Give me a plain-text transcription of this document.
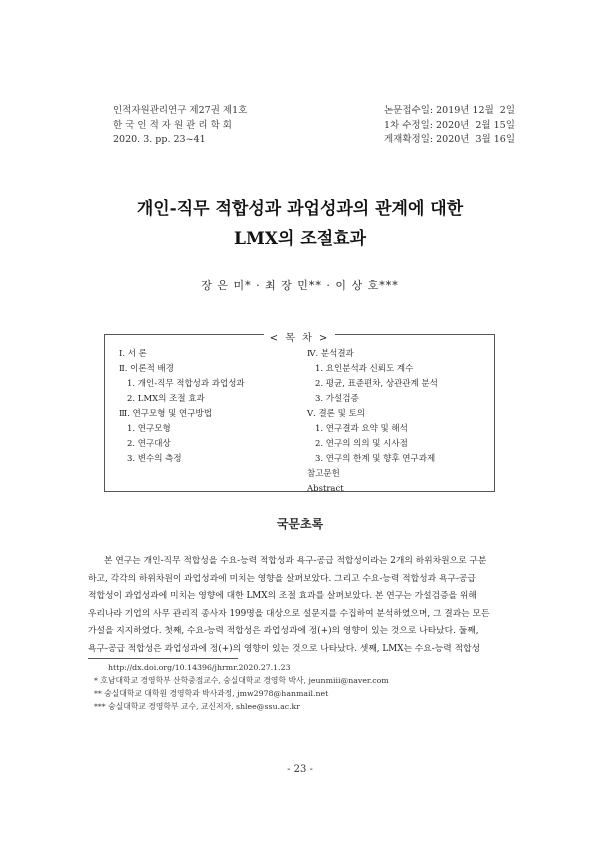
인적자원관리연구 제27권 제1호
한 국 인 적 자 원 관 리 학 회
2020. 3. pp. 23~41
논문접수일: 2019년 12월  2일
1차 수정일: 2020년  2월 15일
게재확정일: 2020년  3월 16일
개인-직무 적합성과 과업성과의 관계에 대한
LMX의 조절효과
장 은 미* · 최 장 민** · 이 상 호***
< 목 차 >
Ⅰ. 서 론
Ⅱ. 이론적 배경
1. 개인-직무 적합성과 과업성과
2. LMX의 조절 효과
Ⅲ. 연구모형 및 연구방법
1. 연구모형
2. 연구대상
3. 변수의 측정
Ⅳ. 분석결과
1. 요인분석과 신뢰도 계수
2. 평균, 표준편차, 상관관계 분석
3. 가설검증
Ⅴ. 결론 및 토의
1. 연구결과 요약 및 해석
2. 연구의 의의 및 시사점
3. 연구의 한계 및 향후 연구과제
참고문헌
Abstract
국문초록
본 연구는 개인-직무 적합성을 수요-능력 적합성과 욕구-공급 적합성이라는 2개의 하위차원으로 구분
하고, 각각의 하위차원이 과업성과에 미치는 영향을 살펴보았다. 그리고 수요-능력 적합성과 욕구-공급
적합성이 과업성과에 미치는 영향에 대한 LMX의 조절 효과를 살펴보았다. 본 연구는 가설검증을 위해
우리나라 기업의 사무 관리직 종사자 199명을 대상으로 설문지를 수집하여 분석하였으며, 그 결과는 모든
가설을 지지하였다. 첫째, 수요-능력 적합성은 과업성과에 정(+)의 영향이 있는 것으로 나타났다. 둘째,
욕구-공급 적합성은 과업성과에 정(+)의 영향이 있는 것으로 나타났다. 셋째, LMX는 수요-능력 적합성
http://dx.doi.org/10.14396/jhrmr.2020.27.1.23
* 호남대학교 경영학부 산학중점교수, 숭실대학교 경영학 박사, jeunmiii@naver.com
** 숭실대학교 대학원 경영학과 박사과정, jmw2978@hanmail.net
*** 숭실대학교 경영학부 교수, 교신저자, shlee@ssu.ac.kr
- 23 -
